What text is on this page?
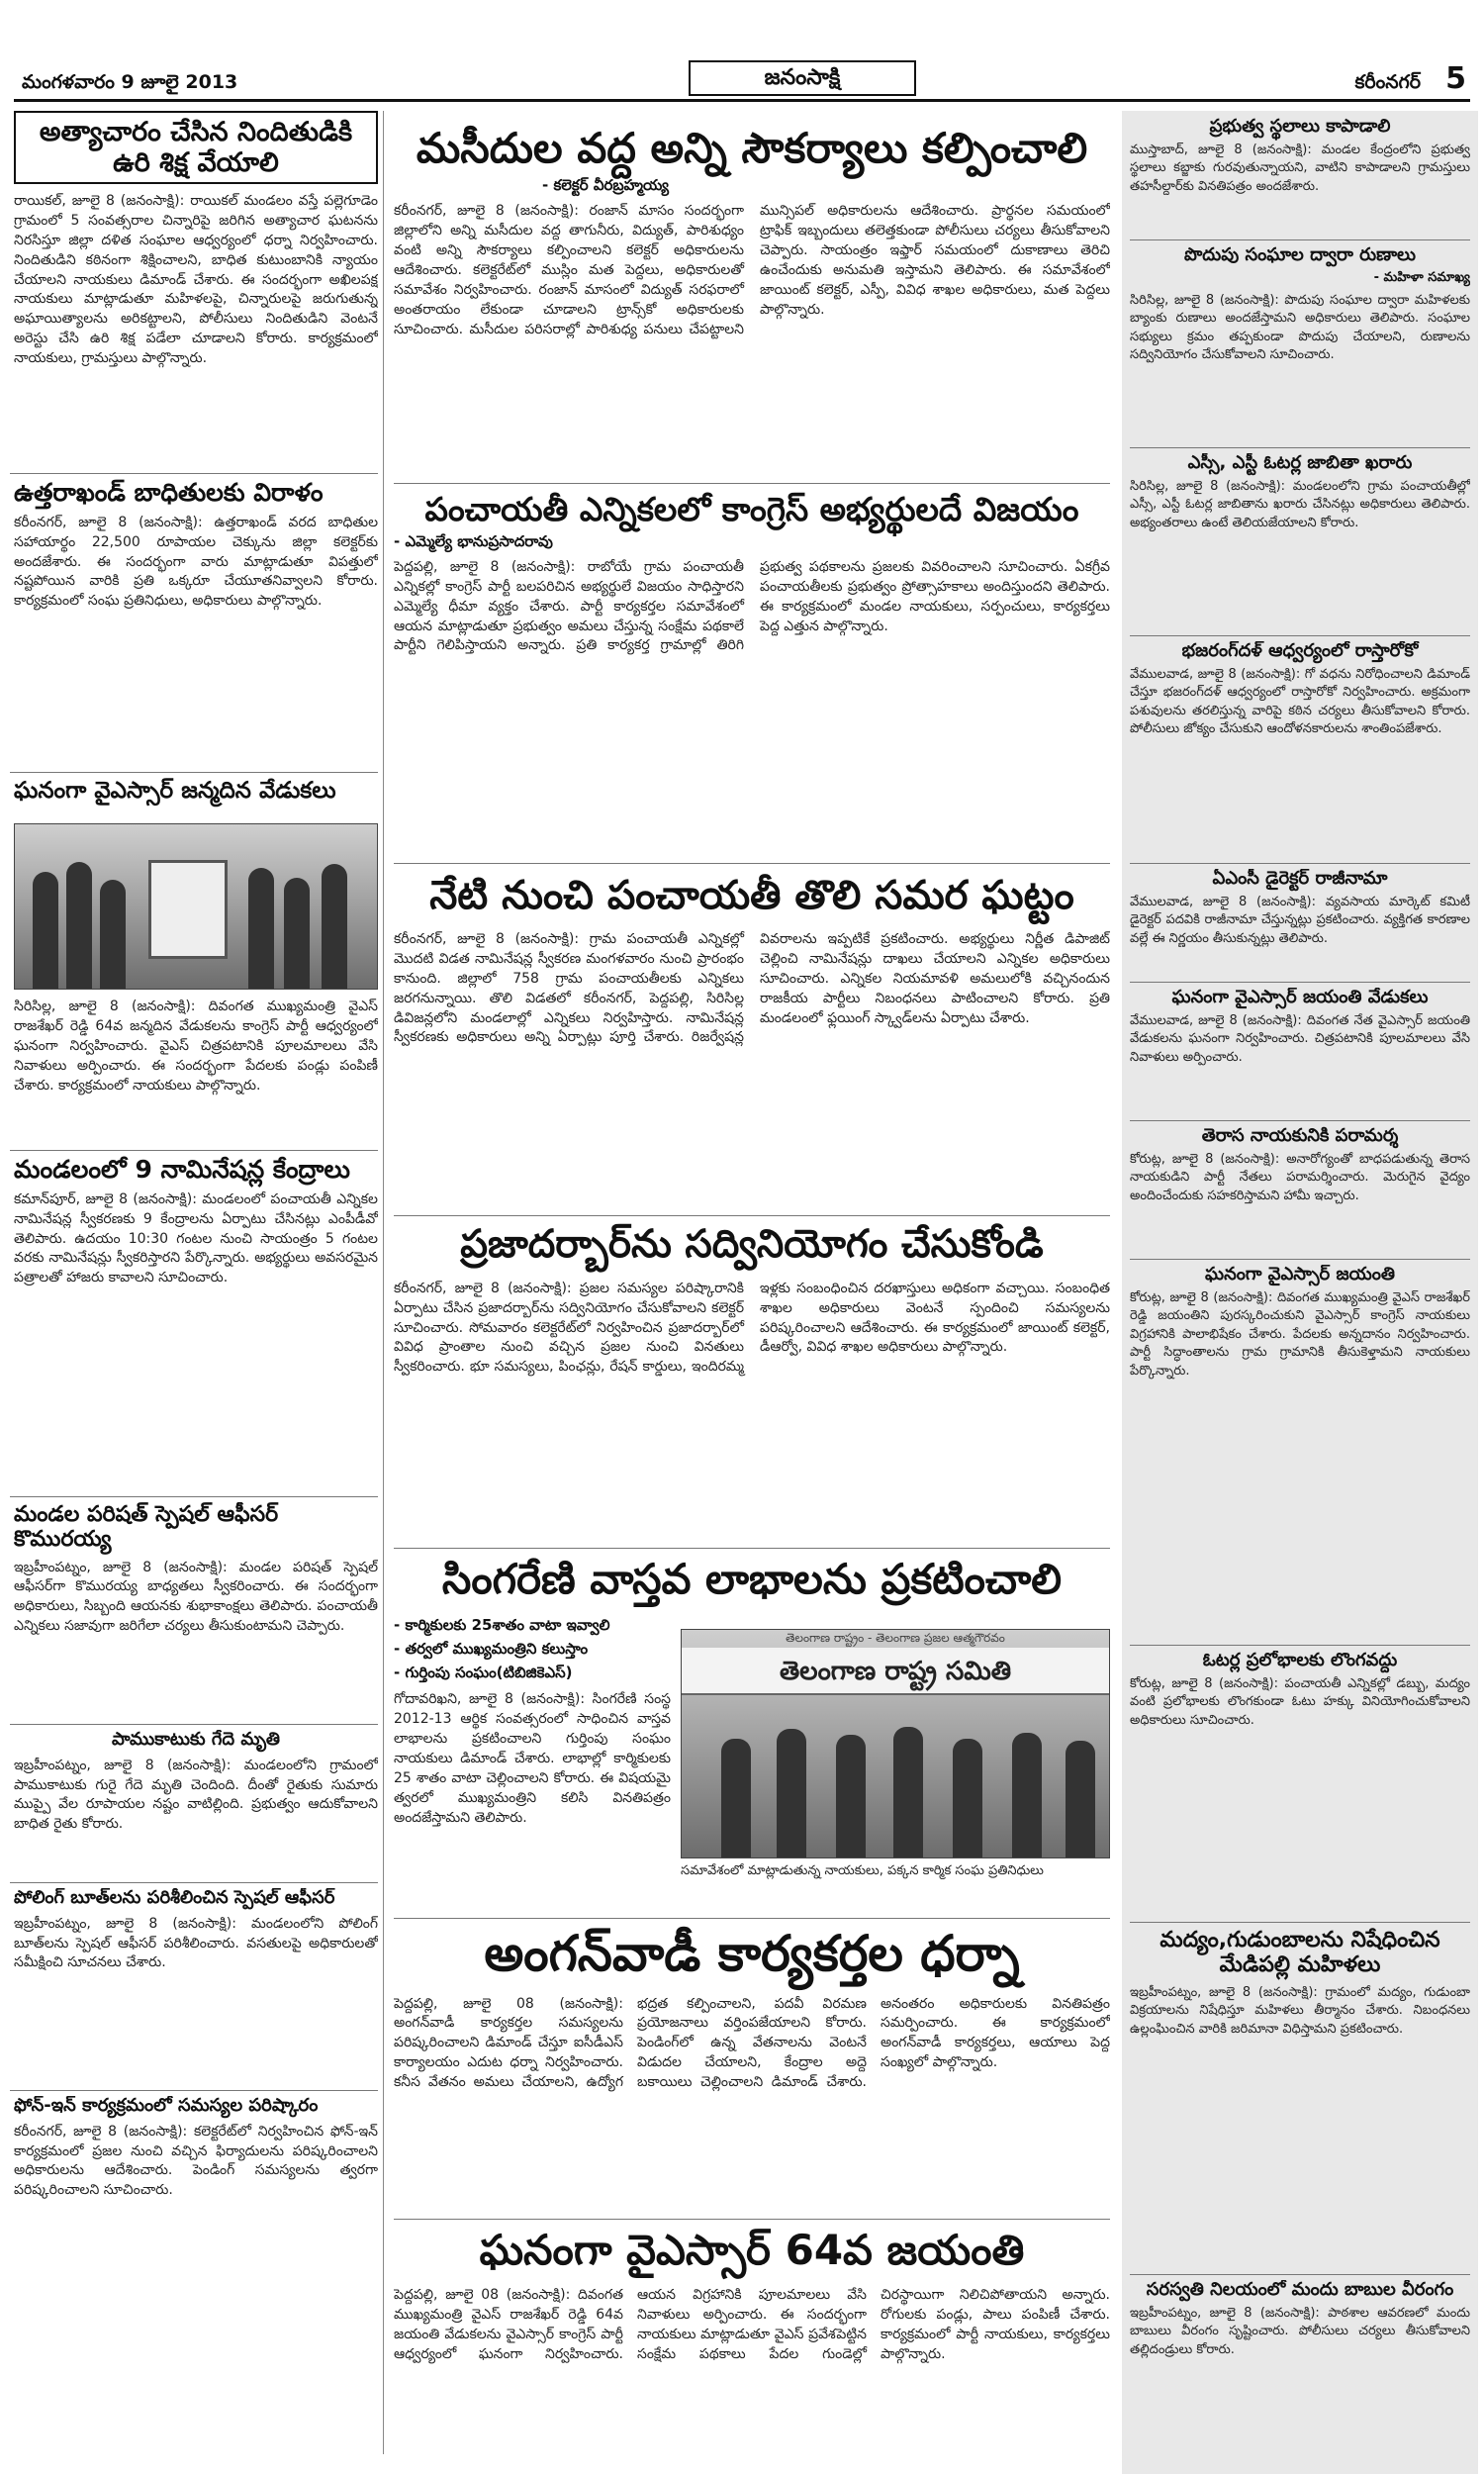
మంగళవారం 9 జూలై 2013	జనంసాక్షి	కరీంనగర్ 5
అత్యాచారం చేసిన నిందితుడికి ఉరి శిక్ష వేయాలి
రాయికల్, జూలై 8 (జనంసాక్షి): రాయికల్ మండలం వస్తే పల్లెగూడెం గ్రామంలో 5 సంవత్సరాల చిన్నారిపై జరిగిన అత్యాచార ఘటనను నిరసిస్తూ జిల్లా దళిత సంఘాల ఆధ్వర్యంలో ధర్నా నిర్వహించారు. నిందితుడిని కఠినంగా శిక్షించాలని, బాధిత కుటుంబానికి న్యాయం చేయాలని నాయకులు డిమాండ్ చేశారు. ఈ సందర్భంగా అఖిలపక్ష నాయకులు మాట్లాడుతూ మహిళలపై, చిన్నారులపై జరుగుతున్న అఘాయిత్యాలను అరికట్టాలని, పోలీసులు నిందితుడిని వెంటనే అరెస్టు చేసి ఉరి శిక్ష పడేలా చూడాలని కోరారు. కార్యక్రమంలో నాయకులు, గ్రామస్తులు పాల్గొన్నారు.
ఉత్తరాఖండ్ బాధితులకు విరాళం
కరీంనగర్, జూలై 8 (జనంసాక్షి): ఉత్తరాఖండ్ వరద బాధితుల సహాయార్థం 22,500 రూపాయల చెక్కును జిల్లా కలెక్టర్‌కు అందజేశారు. ఈ సందర్భంగా వారు మాట్లాడుతూ విపత్తులో నష్టపోయిన వారికి ప్రతి ఒక్కరూ చేయూతనివ్వాలని కోరారు. కార్యక్రమంలో సంఘ ప్రతినిధులు, అధికారులు పాల్గొన్నారు.
ఘనంగా వైఎస్సార్ జన్మదిన వేడుకలు
సిరిసిల్ల, జూలై 8 (జనంసాక్షి): దివంగత ముఖ్యమంత్రి వైఎస్ రాజశేఖర్ రెడ్డి 64వ జన్మదిన వేడుకలను కాంగ్రెస్ పార్టీ ఆధ్వర్యంలో ఘనంగా నిర్వహించారు. వైఎస్ చిత్రపటానికి పూలమాలలు వేసి నివాళులు అర్పించారు. ఈ సందర్భంగా పేదలకు పండ్లు పంపిణీ చేశారు. కార్యక్రమంలో నాయకులు పాల్గొన్నారు.
మండలంలో 9 నామినేషన్ల కేంద్రాలు
కమాన్‌పూర్, జూలై 8 (జనంసాక్షి): మండలంలో పంచాయతీ ఎన్నికల నామినేషన్ల స్వీకరణకు 9 కేంద్రాలను ఏర్పాటు చేసినట్లు ఎంపీడీవో తెలిపారు. ఉదయం 10:30 గంటల నుంచి సాయంత్రం 5 గంటల వరకు నామినేషన్లు స్వీకరిస్తారని పేర్కొన్నారు. అభ్యర్థులు అవసరమైన పత్రాలతో హాజరు కావాలని సూచించారు.
మండల పరిషత్ స్పెషల్ ఆఫీసర్ కొమురయ్య
ఇబ్రహీంపట్నం, జూలై 8 (జనంసాక్షి): మండల పరిషత్ స్పెషల్ ఆఫీసర్‌గా కొమురయ్య బాధ్యతలు స్వీకరించారు. ఈ సందర్భంగా అధికారులు, సిబ్బంది ఆయనకు శుభాకాంక్షలు తెలిపారు. పంచాయతీ ఎన్నికలు సజావుగా జరిగేలా చర్యలు తీసుకుంటామని చెప్పారు.
పాముకాటుకు గేదె మృతి
ఇబ్రహీంపట్నం, జూలై 8 (జనంసాక్షి): మండలంలోని గ్రామంలో పాముకాటుకు గురై గేదె మృతి చెందింది. దీంతో రైతుకు సుమారు ముప్పై వేల రూపాయల నష్టం వాటిల్లింది. ప్రభుత్వం ఆదుకోవాలని బాధిత రైతు కోరారు.
పోలింగ్ బూత్‌లను పరిశీలించిన స్పెషల్ ఆఫీసర్
ఇబ్రహీంపట్నం, జూలై 8 (జనంసాక్షి): మండలంలోని పోలింగ్ బూత్‌లను స్పెషల్ ఆఫీసర్ పరిశీలించారు. వసతులపై అధికారులతో సమీక్షించి సూచనలు చేశారు.
ఫోన్-ఇన్ కార్యక్రమంలో సమస్యల పరిష్కారం
కరీంనగర్, జూలై 8 (జనంసాక్షి): కలెక్టరేట్‌లో నిర్వహించిన ఫోన్-ఇన్ కార్యక్రమంలో ప్రజల నుంచి వచ్చిన ఫిర్యాదులను పరిష్కరించాలని అధికారులను ఆదేశించారు. పెండింగ్ సమస్యలను త్వరగా పరిష్కరించాలని సూచించారు.
మసీదుల వద్ద అన్ని సౌకర్యాలు కల్పించాలి
- కలెక్టర్ వీరబ్రహ్మయ్య
కరీంనగర్, జూలై 8 (జనంసాక్షి): రంజాన్ మాసం సందర్భంగా జిల్లాలోని అన్ని మసీదుల వద్ద తాగునీరు, విద్యుత్, పారిశుధ్యం వంటి అన్ని సౌకర్యాలు కల్పించాలని కలెక్టర్ అధికారులను ఆదేశించారు. కలెక్టరేట్‌లో ముస్లిం మత పెద్దలు, అధికారులతో సమావేశం నిర్వహించారు. రంజాన్ మాసంలో విద్యుత్ సరఫరాలో అంతరాయం లేకుండా చూడాలని ట్రాన్స్‌కో అధికారులకు సూచించారు. మసీదుల పరిసరాల్లో పారిశుధ్య పనులు చేపట్టాలని మున్సిపల్ అధికారులను ఆదేశించారు. ప్రార్థనల సమయంలో ట్రాఫిక్ ఇబ్బందులు తలెత్తకుండా పోలీసులు చర్యలు తీసుకోవాలని చెప్పారు. సాయంత్రం ఇఫ్తార్ సమయంలో దుకాణాలు తెరిచి ఉంచేందుకు అనుమతి ఇస్తామని తెలిపారు. ఈ సమావేశంలో జాయింట్ కలెక్టర్, ఎస్పీ, వివిధ శాఖల అధికారులు, మత పెద్దలు పాల్గొన్నారు.
పంచాయతీ ఎన్నికలలో కాంగ్రెస్ అభ్యర్థులదే విజయం
- ఎమ్మెల్యే భానుప్రసాదరావు
పెద్దపల్లి, జూలై 8 (జనంసాక్షి): రాబోయే గ్రామ పంచాయతీ ఎన్నికల్లో కాంగ్రెస్ పార్టీ బలపరిచిన అభ్యర్థులే విజయం సాధిస్తారని ఎమ్మెల్యే ధీమా వ్యక్తం చేశారు. పార్టీ కార్యకర్తల సమావేశంలో ఆయన మాట్లాడుతూ ప్రభుత్వం అమలు చేస్తున్న సంక్షేమ పథకాలే పార్టీని గెలిపిస్తాయని అన్నారు. ప్రతి కార్యకర్త గ్రామాల్లో తిరిగి ప్రభుత్వ పథకాలను ప్రజలకు వివరించాలని సూచించారు. ఏకగ్రీవ పంచాయతీలకు ప్రభుత్వం ప్రోత్సాహకాలు అందిస్తుందని తెలిపారు. ఈ కార్యక్రమంలో మండల నాయకులు, సర్పంచులు, కార్యకర్తలు పెద్ద ఎత్తున పాల్గొన్నారు.
నేటి నుంచి పంచాయతీ తొలి సమర ఘట్టం
కరీంనగర్, జూలై 8 (జనంసాక్షి): గ్రామ పంచాయతీ ఎన్నికల్లో మొదటి విడత నామినేషన్ల స్వీకరణ మంగళవారం నుంచి ప్రారంభం కానుంది. జిల్లాలో 758 గ్రామ పంచాయతీలకు ఎన్నికలు జరగనున్నాయి. తొలి విడతలో కరీంనగర్, పెద్దపల్లి, సిరిసిల్ల డివిజన్లలోని మండలాల్లో ఎన్నికలు నిర్వహిస్తారు. నామినేషన్ల స్వీకరణకు అధికారులు అన్ని ఏర్పాట్లు పూర్తి చేశారు. రిజర్వేషన్ల వివరాలను ఇప్పటికే ప్రకటించారు. అభ్యర్థులు నిర్ణీత డిపాజిట్ చెల్లించి నామినేషన్లు దాఖలు చేయాలని ఎన్నికల అధికారులు సూచించారు. ఎన్నికల నియమావళి అమలులోకి వచ్చినందున రాజకీయ పార్టీలు నిబంధనలు పాటించాలని కోరారు. ప్రతి మండలంలో ఫ్లయింగ్ స్క్వాడ్‌లను ఏర్పాటు చేశారు.
ప్రజాదర్బార్‌ను సద్వినియోగం చేసుకోండి
కరీంనగర్, జూలై 8 (జనంసాక్షి): ప్రజల సమస్యల పరిష్కారానికి ఏర్పాటు చేసిన ప్రజాదర్బార్‌ను సద్వినియోగం చేసుకోవాలని కలెక్టర్ సూచించారు. సోమవారం కలెక్టరేట్‌లో నిర్వహించిన ప్రజాదర్బార్‌లో వివిధ ప్రాంతాల నుంచి వచ్చిన ప్రజల నుంచి వినతులు స్వీకరించారు. భూ సమస్యలు, పింఛన్లు, రేషన్ కార్డులు, ఇందిరమ్మ ఇళ్లకు సంబంధించిన దరఖాస్తులు అధికంగా వచ్చాయి. సంబంధిత శాఖల అధికారులు వెంటనే స్పందించి సమస్యలను పరిష్కరించాలని ఆదేశించారు. ఈ కార్యక్రమంలో జాయింట్ కలెక్టర్, డీఆర్వో, వివిధ శాఖల అధికారులు పాల్గొన్నారు.
సింగరేణి వాస్తవ లాభాలను ప్రకటించాలి
- కార్మికులకు 25శాతం వాటా ఇవ్వాలి
- తర్వలో ముఖ్యమంత్రిని కలుస్తాం
- గుర్తింపు సంఘం(టిబిజికెఎస్)
గోదావరిఖని, జూలై 8 (జనంసాక్షి): సింగరేణి సంస్థ 2012-13 ఆర్థిక సంవత్సరంలో సాధించిన వాస్తవ లాభాలను ప్రకటించాలని గుర్తింపు సంఘం నాయకులు డిమాండ్ చేశారు. లాభాల్లో కార్మికులకు 25 శాతం వాటా చెల్లించాలని కోరారు. ఈ విషయమై త్వరలో ముఖ్యమంత్రిని కలిసి వినతిపత్రం అందజేస్తామని తెలిపారు.
తెలంగాణ రాష్ట్రం - తెలంగాణ ప్రజల ఆత్మగౌరవం
తెలంగాణ రాష్ట్ర సమితి
సమావేశంలో మాట్లాడుతున్న నాయకులు, పక్కన కార్మిక సంఘ ప్రతినిధులు
అంగన్‌వాడీ కార్యకర్తల ధర్నా
పెద్దపల్లి, జూలై 08 (జనంసాక్షి): అంగన్‌వాడీ కార్యకర్తల సమస్యలను పరిష్కరించాలని డిమాండ్ చేస్తూ ఐసీడీఎస్ కార్యాలయం ఎదుట ధర్నా నిర్వహించారు. కనీస వేతనం అమలు చేయాలని, ఉద్యోగ భద్రత కల్పించాలని, పదవీ విరమణ ప్రయోజనాలు వర్తింపజేయాలని కోరారు. పెండింగ్‌లో ఉన్న వేతనాలను వెంటనే విడుదల చేయాలని, కేంద్రాల అద్దె బకాయిలు చెల్లించాలని డిమాండ్ చేశారు. అనంతరం అధికారులకు వినతిపత్రం సమర్పించారు. ఈ కార్యక్రమంలో అంగన్‌వాడీ కార్యకర్తలు, ఆయాలు పెద్ద సంఖ్యలో పాల్గొన్నారు.
ఘనంగా వైఎస్సార్ 64వ జయంతి
పెద్దపల్లి, జూలై 08 (జనంసాక్షి): దివంగత ముఖ్యమంత్రి వైఎస్ రాజశేఖర్ రెడ్డి 64వ జయంతి వేడుకలను వైఎస్సార్ కాంగ్రెస్ పార్టీ ఆధ్వర్యంలో ఘనంగా నిర్వహించారు. ఆయన విగ్రహానికి పూలమాలలు వేసి నివాళులు అర్పించారు. ఈ సందర్భంగా నాయకులు మాట్లాడుతూ వైఎస్ ప్రవేశపెట్టిన సంక్షేమ పథకాలు పేదల గుండెల్లో చిరస్థాయిగా నిలిచిపోతాయని అన్నారు. రోగులకు పండ్లు, పాలు పంపిణీ చేశారు. కార్యక్రమంలో పార్టీ నాయకులు, కార్యకర్తలు పాల్గొన్నారు.
ప్రభుత్వ స్థలాలు కాపాడాలి
ముస్తాబాద్, జూలై 8 (జనంసాక్షి): మండల కేంద్రంలోని ప్రభుత్వ స్థలాలు కబ్జాకు గురవుతున్నాయని, వాటిని కాపాడాలని గ్రామస్తులు తహసీల్దార్‌కు వినతిపత్రం అందజేశారు.
పొదుపు సంఘాల ద్వారా రుణాలు
- మహిళా సమాఖ్య
సిరిసిల్ల, జూలై 8 (జనంసాక్షి): పొదుపు సంఘాల ద్వారా మహిళలకు బ్యాంకు రుణాలు అందజేస్తామని అధికారులు తెలిపారు. సంఘాల సభ్యులు క్రమం తప్పకుండా పొదుపు చేయాలని, రుణాలను సద్వినియోగం చేసుకోవాలని సూచించారు.
ఎస్సీ, ఎస్టీ ఓటర్ల జాబితా ఖరారు
సిరిసిల్ల, జూలై 8 (జనంసాక్షి): మండలంలోని గ్రామ పంచాయతీల్లో ఎస్సీ, ఎస్టీ ఓటర్ల జాబితాను ఖరారు చేసినట్లు అధికారులు తెలిపారు. అభ్యంతరాలు ఉంటే తెలియజేయాలని కోరారు.
భజరంగ్‌దళ్ ఆధ్వర్యంలో రాస్తారోకో
వేములవాడ, జూలై 8 (జనంసాక్షి): గో వధను నిరోధించాలని డిమాండ్ చేస్తూ భజరంగ్‌దళ్ ఆధ్వర్యంలో రాస్తారోకో నిర్వహించారు. అక్రమంగా పశువులను తరలిస్తున్న వారిపై కఠిన చర్యలు తీసుకోవాలని కోరారు. పోలీసులు జోక్యం చేసుకుని ఆందోళనకారులను శాంతింపజేశారు.
ఏఎంసీ డైరెక్టర్ రాజీనామా
వేములవాడ, జూలై 8 (జనంసాక్షి): వ్యవసాయ మార్కెట్ కమిటీ డైరెక్టర్ పదవికి రాజీనామా చేస్తున్నట్లు ప్రకటించారు. వ్యక్తిగత కారణాల వల్లే ఈ నిర్ణయం తీసుకున్నట్లు తెలిపారు.
ఘనంగా వైఎస్సార్ జయంతి వేడుకలు
వేములవాడ, జూలై 8 (జనంసాక్షి): దివంగత నేత వైఎస్సార్ జయంతి వేడుకలను ఘనంగా నిర్వహించారు. చిత్రపటానికి పూలమాలలు వేసి నివాళులు అర్పించారు.
తెరాస నాయకునికి పరామర్శ
కోరుట్ల, జూలై 8 (జనంసాక్షి): అనారోగ్యంతో బాధపడుతున్న తెరాస నాయకుడిని పార్టీ నేతలు పరామర్శించారు. మెరుగైన వైద్యం అందించేందుకు సహకరిస్తామని హామీ ఇచ్చారు.
ఘనంగా వైఎస్సార్ జయంతి
కోరుట్ల, జూలై 8 (జనంసాక్షి): దివంగత ముఖ్యమంత్రి వైఎస్ రాజశేఖర్ రెడ్డి జయంతిని పురస్కరించుకుని వైఎస్సార్ కాంగ్రెస్ నాయకులు విగ్రహానికి పాలాభిషేకం చేశారు. పేదలకు అన్నదానం నిర్వహించారు. పార్టీ సిద్ధాంతాలను గ్రామ గ్రామానికి తీసుకెళ్తామని నాయకులు పేర్కొన్నారు.
ఓటర్ల ప్రలోభాలకు లొంగవద్దు
కోరుట్ల, జూలై 8 (జనంసాక్షి): పంచాయతీ ఎన్నికల్లో డబ్బు, మద్యం వంటి ప్రలోభాలకు లొంగకుండా ఓటు హక్కు వినియోగించుకోవాలని అధికారులు సూచించారు.
మద్యం,గుడుంబాలను నిషేధించిన మేడిపల్లి మహిళలు
ఇబ్రహీంపట్నం, జూలై 8 (జనంసాక్షి): గ్రామంలో మద్యం, గుడుంబా విక్రయాలను నిషేధిస్తూ మహిళలు తీర్మానం చేశారు. నిబంధనలు ఉల్లంఘించిన వారికి జరిమానా విధిస్తామని ప్రకటించారు.
సరస్వతి నిలయంలో మందు బాబుల వీరంగం
ఇబ్రహీంపట్నం, జూలై 8 (జనంసాక్షి): పాఠశాల ఆవరణలో మందు బాబులు వీరంగం సృష్టించారు. పోలీసులు చర్యలు తీసుకోవాలని తల్లిదండ్రులు కోరారు.
